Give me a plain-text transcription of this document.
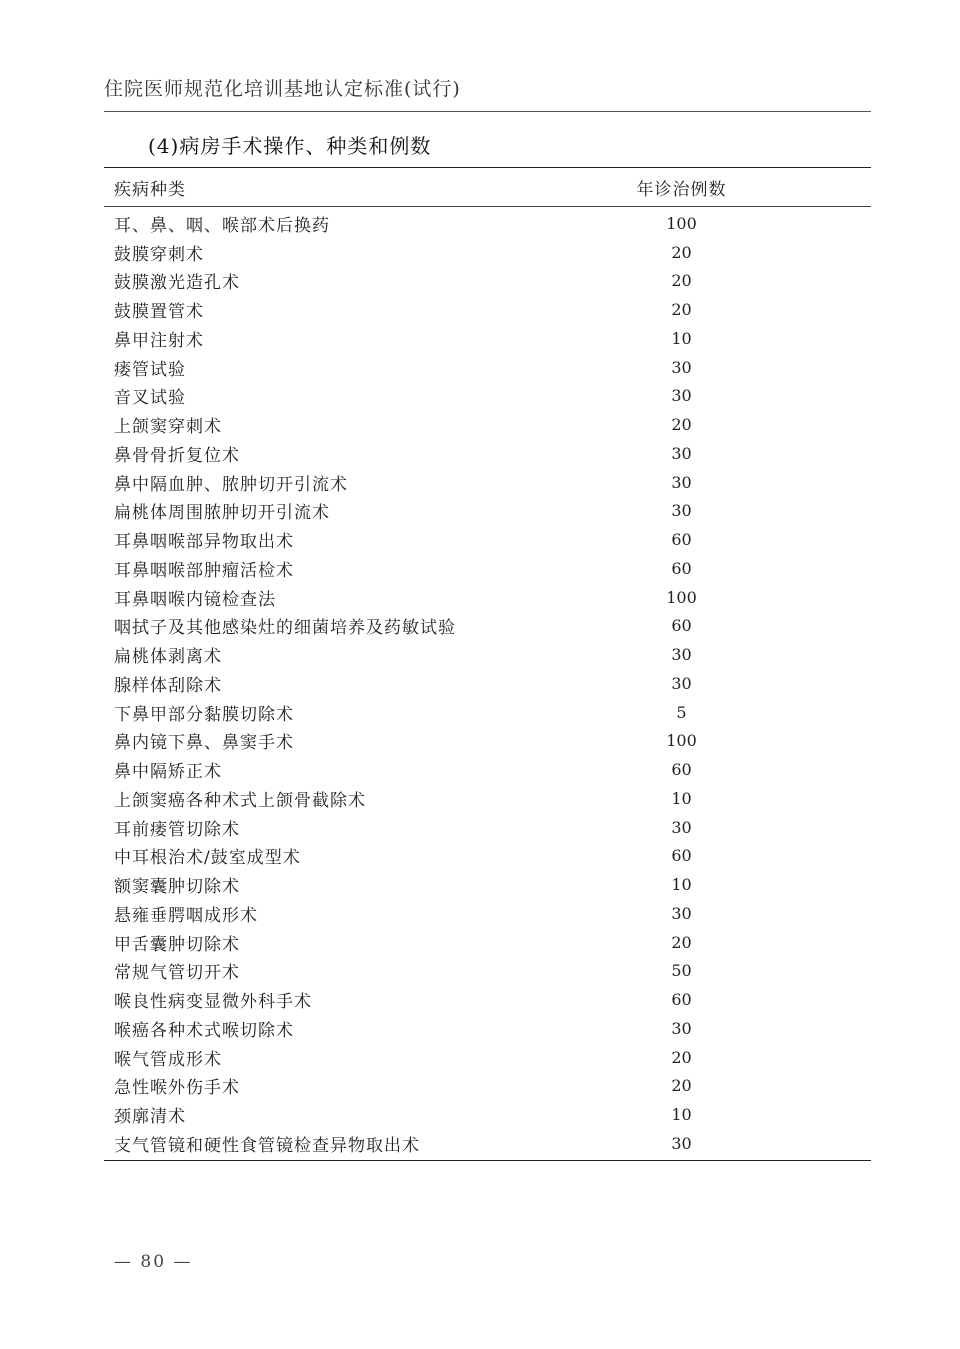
住院医师规范化培训基地认定标准(试行)
(4)病房手术操作、种类和例数
疾病种类	年诊治例数
耳、鼻、咽、喉部术后换药	100
鼓膜穿刺术	20
鼓膜激光造孔术	20
鼓膜置管术	20
鼻甲注射术	10
瘘管试验	30
音叉试验	30
上颌窦穿刺术	20
鼻骨骨折复位术	30
鼻中隔血肿、脓肿切开引流术	30
扁桃体周围脓肿切开引流术	30
耳鼻咽喉部异物取出术	60
耳鼻咽喉部肿瘤活检术	60
耳鼻咽喉内镜检查法	100
咽拭子及其他感染灶的细菌培养及药敏试验	60
扁桃体剥离术	30
腺样体刮除术	30
下鼻甲部分黏膜切除术	5
鼻内镜下鼻、鼻窦手术	100
鼻中隔矫正术	60
上颌窦癌各种术式上颌骨截除术	10
耳前瘘管切除术	30
中耳根治术/鼓室成型术	60
额窦囊肿切除术	10
悬雍垂腭咽成形术	30
甲舌囊肿切除术	20
常规气管切开术	50
喉良性病变显微外科手术	60
喉癌各种术式喉切除术	30
喉气管成形术	20
急性喉外伤手术	20
颈廓清术	10
支气管镜和硬性食管镜检查异物取出术	30
— 80 —
